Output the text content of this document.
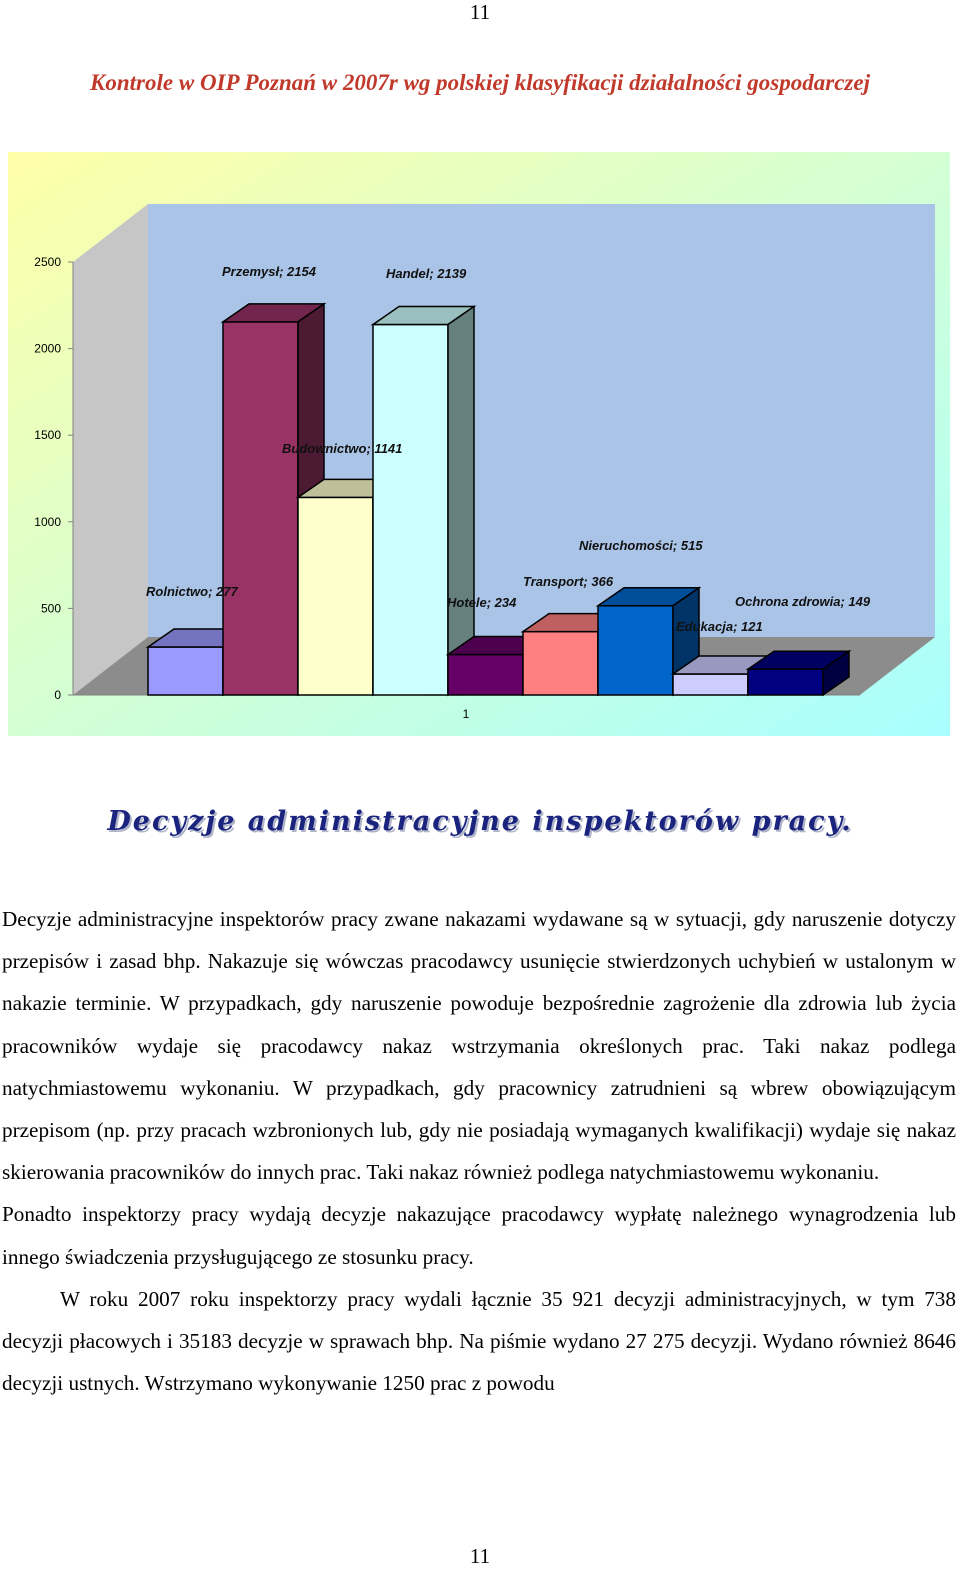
11
Kontrole w OIP Poznań w 2007r wg polskiej klasyfikacji działalności gospodarczej
0
500
1000
1500
2000
2500
1
Rolnictwo; 277
Przemysł; 2154
Budownictwo; 1141
Handel; 2139
Hotele; 234
Transport; 366
Nieruchomości; 515
Edukacja; 121
Ochrona zdrowia; 149
Decyzje administracyjne inspektorów pracy.

Decyzje administracyjne inspektorów pracy zwane nakazami wydawane są w sytuacji, gdy naruszenie dotyczy przepisów i zasad bhp. Nakazuje się wówczas pracodawcy usunięcie stwierdzonych uchybień w ustalonym w nakazie terminie. W przypadkach, gdy naruszenie powoduje bezpośrednie zagrożenie dla zdrowia lub życia pracowników wydaje się pracodawcy nakaz wstrzymania określonych prac. Taki nakaz podlega natychmiastowemu wykonaniu. W przypadkach, gdy pracownicy zatrudnieni są wbrew obowiązującym przepisom (np. przy pracach wzbronionych lub, gdy nie posiadają wymaganych kwalifikacji) wydaje się nakaz skierowania pracowników do innych prac. Taki nakaz również podlega natychmiastowemu wykonaniu.

Ponadto inspektorzy pracy wydają decyzje nakazujące pracodawcy wypłatę należnego wynagrodzenia lub innego świadczenia przysługującego ze stosunku pracy.

W roku 2007 roku inspektorzy pracy wydali łącznie 35 921 decyzji administracyjnych, w tym 738 decyzji płacowych i 35183 decyzje w sprawach bhp. Na piśmie wydano 27 275 decyzji. Wydano również 8646 decyzji ustnych. Wstrzymano wykonywanie 1250 prac z powodu

11
